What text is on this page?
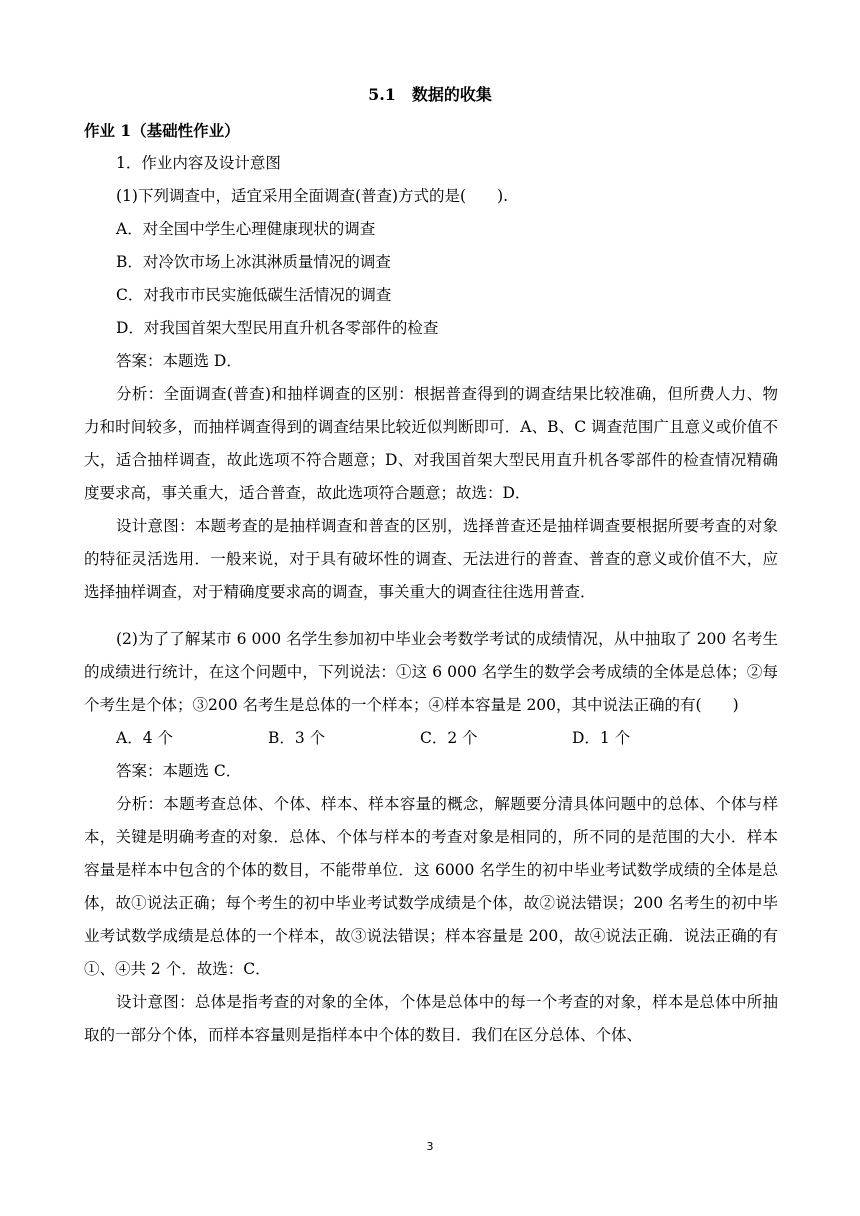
5.1　数据的收集

作业 1（基础性作业）

1．作业内容及设计意图

(1)下列调查中，适宜采用全面调查(普查)方式的是(　　).

A．对全国中学生心理健康现状的调查

B．对冷饮市场上冰淇淋质量情况的调查

C．对我市市民实施低碳生活情况的调查

D．对我国首架大型民用直升机各零部件的检查

答案：本题选 D．

分析：全面调查(普查)和抽样调查的区别：根据普查得到的调查结果比较准确，但所费人力、物力和时间较多，而抽样调查得到的调查结果比较近似判断即可．A、B、C 调查范围广且意义或价值不大，适合抽样调查，故此选项不符合题意；D、对我国首架大型民用直升机各零部件的检查情况精确度要求高，事关重大，适合普查，故此选项符合题意；故选：D．

设计意图：本题考查的是抽样调查和普查的区别，选择普查还是抽样调查要根据所要考查的对象的特征灵活选用．一般来说，对于具有破坏性的调查、无法进行的普查、普查的意义或价值不大，应选择抽样调查，对于精确度要求高的调查，事关重大的调查往往选用普查．

(2)为了了解某市 6 000 名学生参加初中毕业会考数学考试的成绩情况，从中抽取了 200 名考生的成绩进行统计，在这个问题中，下列说法：①这 6 000 名学生的数学会考成绩的全体是总体；②每个考生是个体；③200 名考生是总体的一个样本；④样本容量是 200，其中说法正确的有(　　)

A．4 个	B．3 个	C．2 个	D．1 个

答案：本题选 C．

分析：本题考查总体、个体、样本、样本容量的概念，解题要分清具体问题中的总体、个体与样本，关键是明确考查的对象．总体、个体与样本的考查对象是相同的，所不同的是范围的大小．样本容量是样本中包含的个体的数目，不能带单位．这 6000 名学生的初中毕业考试数学成绩的全体是总体，故①说法正确；每个考生的初中毕业考试数学成绩是个体，故②说法错误；200 名考生的初中毕业考试数学成绩是总体的一个样本，故③说法错误；样本容量是 200，故④说法正确．说法正确的有①、④共 2 个．故选：C．

设计意图：总体是指考查的对象的全体，个体是总体中的每一个考查的对象，样本是总体中所抽取的一部分个体，而样本容量则是指样本中个体的数目．我们在区分总体、个体、

3
